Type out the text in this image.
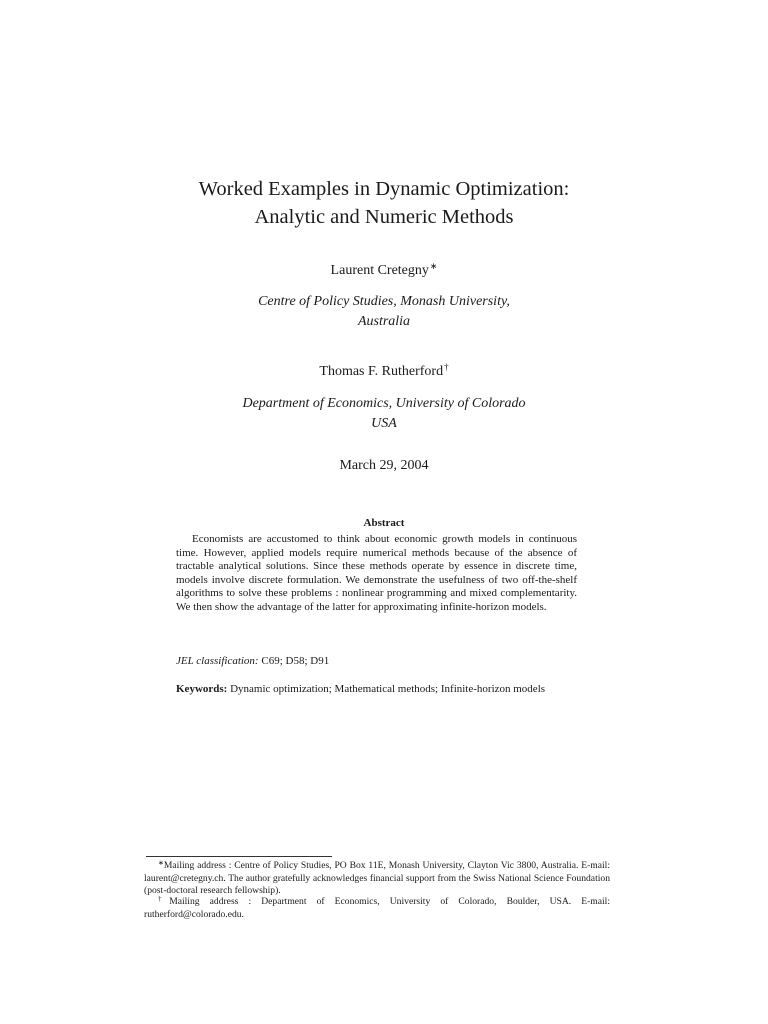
Worked Examples in Dynamic Optimization:
Analytic and Numeric Methods
Laurent Cretegny∗
Centre of Policy Studies, Monash University,
Australia
Thomas F. Rutherford†
Department of Economics, University of Colorado
USA
March 29, 2004
Abstract

Economists are accustomed to think about economic growth models in continuous time. However, applied models require numerical methods because of the absence of tractable analytical solutions. Since these methods operate by essence in discrete time, models involve discrete formulation. We demonstrate the usefulness of two off-the-shelf algorithms to solve these problems : nonlinear programming and mixed complementarity. We then show the advantage of the latter for approximating infinite-horizon models.

JEL classification: C69; D58; D91
Keywords: Dynamic optimization; Mathematical methods; Infinite-horizon models

∗Mailing address : Centre of Policy Studies, PO Box 11E, Monash University, Clayton Vic 3800, Australia. E-mail: laurent@cretegny.ch. The author gratefully acknowledges financial support from the Swiss National Science Foundation (post-doctoral research fellowship).

†Mailing address : Department of Economics, University of Colorado, Boulder, USA. E-mail: rutherford@colorado.edu.
